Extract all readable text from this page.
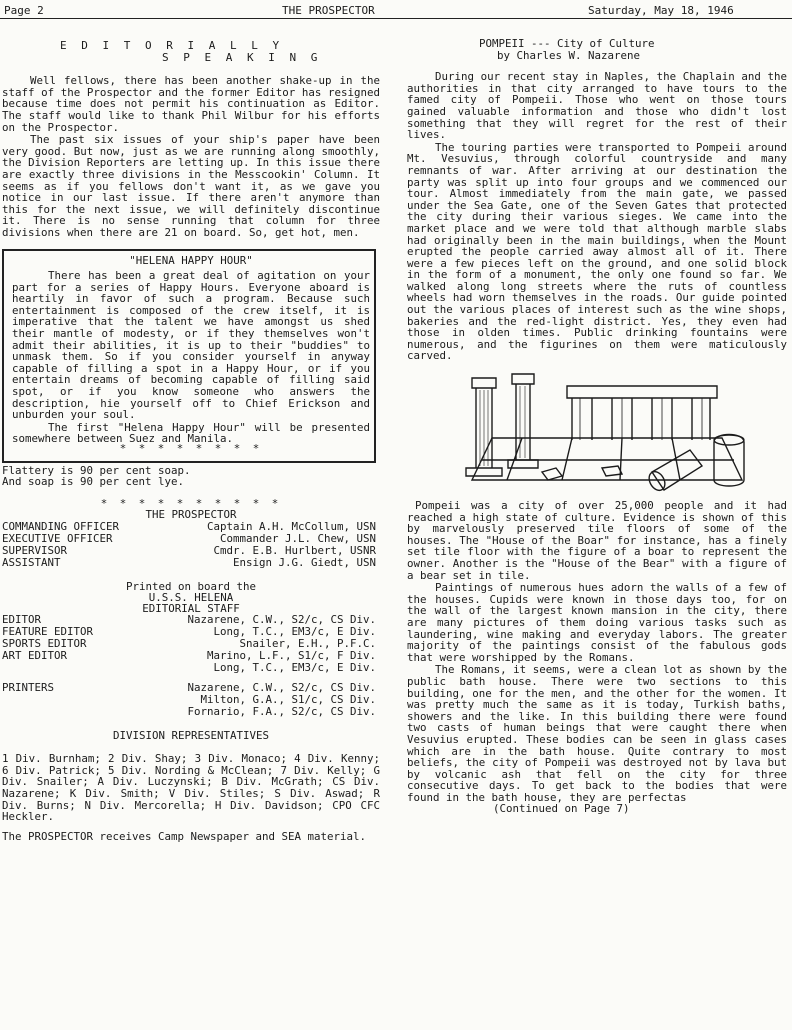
Page 2	THE PROSPECTOR	Saturday, May 18, 1946
E D I T O R I A L L Y
S P E A K I N G

Well fellows, there has been another shake-up in the staff of the Prospector and the former Editor has resigned because time does not permit his continuation as Editor. The staff would like to thank Phil Wilbur for his efforts on the Prospector.

The past six issues of your ship's paper have been very good. But now, just as we are running along smoothly, the Division Reporters are letting up. In this issue there are exactly three divisions in the Messcookin' Column. It seems as if you fellows don't want it, as we gave you notice in our last issue. If there aren't anymore than this for the next issue, we will definitely discontinue it. There is no sense running that column for three divisions when there are 21 on board. So, get hot, men.

"HELENA HAPPY HOUR"

There has been a great deal of agitation on your part for a series of Happy Hours. Everyone aboard is heartily in favor of such a program. Because such entertainment is composed of the crew itself, it is imperative that the talent we have amongst us shed their mantle of modesty, or if they themselves won't admit their abilities, it is up to their "buddies" to unmask them. So if you consider yourself in anyway capable of filling a spot in a Happy Hour, or if you entertain dreams of becoming capable of filling said spot, or if you know someone who answers the description, hie yourself off to Chief Erickson and unburden your soul.

The first "Helena Happy Hour" will be presented somewhere between Suez and Manila.

* * * * * * * *
Flattery is 90 per cent soap.
And soap is 90 per cent lye.
* * * * * * * * * *
THE PROSPECTOR
COMMANDING OFFICER	Captain A.H. McCollum, USN
EXECUTIVE OFFICER	Commander J.L. Chew, USN
SUPERVISOR	Cmdr. E.B. Hurlbert, USNR
ASSISTANT	Ensign J.G. Giedt, USN
Printed on board the
U.S.S. HELENA
EDITORIAL STAFF
EDITOR	Nazarene, C.W., S2/c, CS Div.
FEATURE EDITOR	Long, T.C., EM3/c, E Div.
SPORTS EDITOR	Snailer, E.H., P.F.C.
ART EDITOR	Marino, L.F., S1/c, F Div.
Long, T.C., EM3/c, E Div.
PRINTERS	Nazarene, C.W., S2/c, CS Div.
Milton, G.A., S1/c, CS Div.
Fornario, F.A., S2/c, CS Div.
DIVISION REPRESENTATIVES

1 Div. Burnham; 2 Div. Shay; 3 Div. Monaco; 4 Div. Kenny; 6 Div. Patrick; 5 Div. Nording & McClean; 7 Div. Kelly; G Div. Snailer; A Div. Luczynski; B Div. McGrath; CS Div. Nazarene; K Div. Smith; V Div. Stiles; S Div. Aswad; R Div. Burns; N Div. Mercorella; H Div. Davidson; CPO CFC Heckler.

The PROSPECTOR receives Camp Newspaper and SEA material.

POMPEII --- City of Culture
by Charles W. Nazarene

During our recent stay in Naples, the Chaplain and the authorities in that city arranged to have tours to the famed city of Pompeii. Those who went on those tours gained valuable information and those who didn't lost something that they will regret for the rest of their lives.

The touring parties were transported to Pompeii around Mt. Vesuvius, through colorful countryside and many remnants of war. After arriving at our destination the party was split up into four groups and we commenced our tour. Almost immediately from the main gate, we passed under the Sea Gate, one of the Seven Gates that protected the city during their various sieges. We came into the market place and we were told that although marble slabs had originally been in the main buildings, when the Mount erupted the people carried away almost all of it. There were a few pieces left on the ground, and one solid block in the form of a monument, the only one found so far. We walked along long streets where the ruts of countless wheels had worn themselves in the roads. Our guide pointed out the various places of interest such as the wine shops, bakeries and the red-light district. Yes, they even had those in olden times. Public drinking fountains were numerous, and the figurines on them were maticulously carved.

Pompeii was a city of over 25,000 people and it had reached a high state of culture. Evidence is shown of this by marvelously preserved tile floors of some of the houses. The "House of the Boar" for instance, has a finely set tile floor with the figure of a boar to represent the owner. Another is the "House of the Bear" with a figure of a bear set in tile.

Paintings of numerous hues adorn the walls of a few of the houses. Cupids were known in those days too, for on the wall of the largest known mansion in the city, there are many pictures of them doing various tasks such as laundering, wine making and everyday labors. The greater majority of the paintings consist of the fabulous gods that were worshipped by the Romans.

The Romans, it seems, were a clean lot as shown by the public bath house. There were two sections to this building, one for the men, and the other for the women. It was pretty much the same as it is today, Turkish baths, showers and the like. In this building there were found two casts of human beings that were caught there when Vesuvius erupted. These bodies can be seen in glass cases which are in the bath house. Quite contrary to most beliefs, the city of Pompeii was destroyed not by lava but by volcanic ash that fell on the city for three consecutive days. To get back to the bodies that were found in the bath house, they are perfectas

(Continued on Page 7)
